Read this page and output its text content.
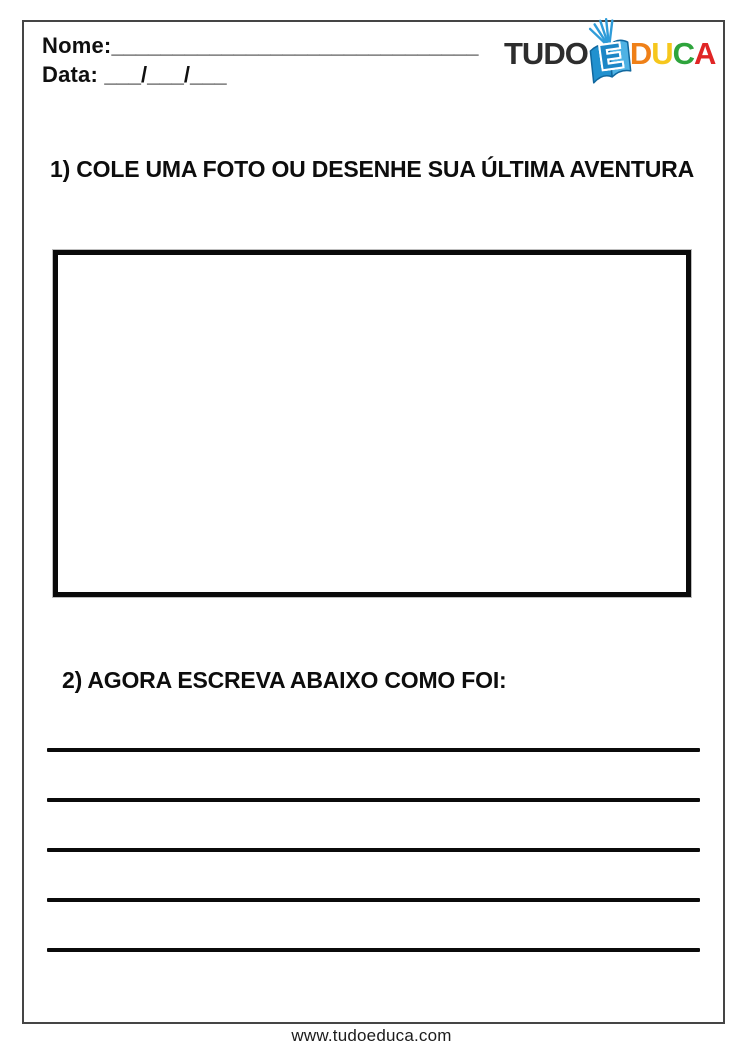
Nome:______________________________
Data: ___/___/___
TUDO E D U C A
1) COLE UMA FOTO OU DESENHE SUA ÚLTIMA AVENTURA
2) AGORA ESCREVA ABAIXO COMO FOI:
www.tudoeduca.com
